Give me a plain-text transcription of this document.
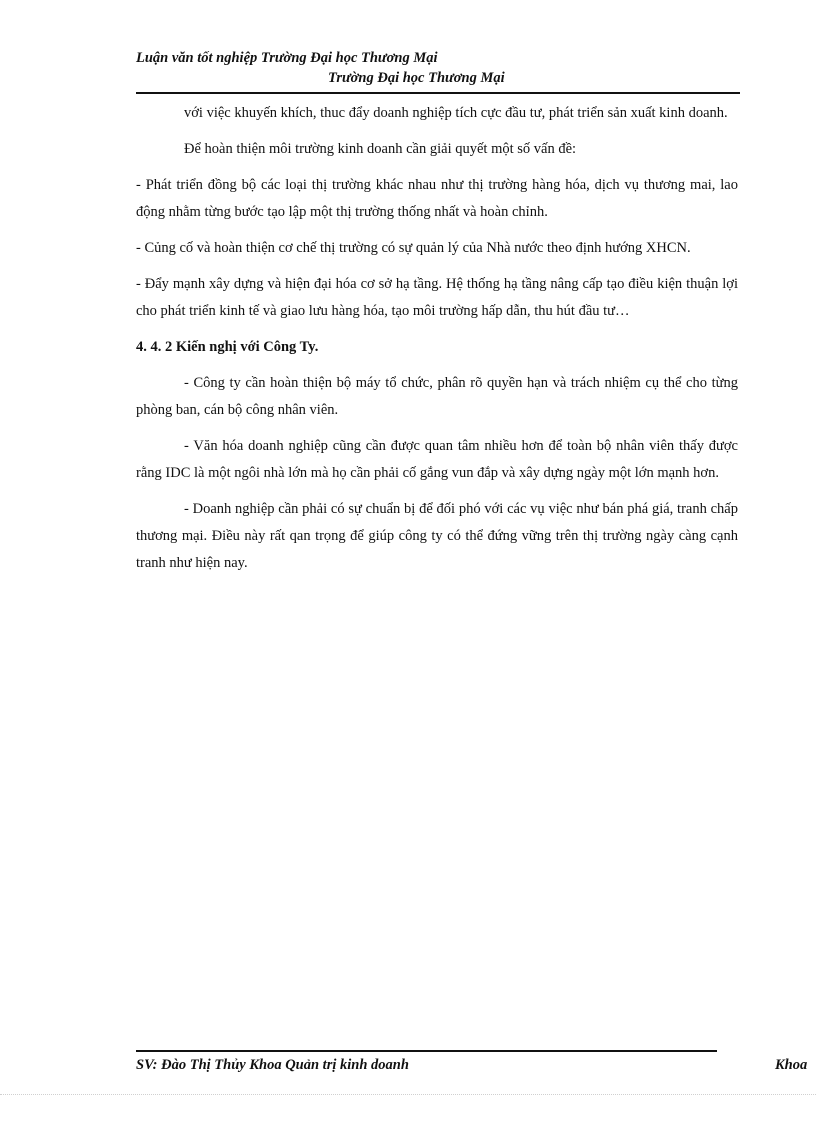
Luận văn tốt nghiệp Trường Đại học Thương Mại
Trường Đại học Thương Mại

với việc khuyến khích, thuc đẩy doanh nghiệp tích cực đầu tư, phát triển sản xuất kinh doanh.

Để hoàn thiện môi trường kinh doanh cần giải quyết một số vấn đề:

- Phát triển đồng bộ các loại thị trường khác nhau như thị trường hàng hóa, dịch vụ thương mai, lao động nhằm từng bước tạo lập một thị trường thống nhất và hoàn chỉnh.

- Củng cố và hoàn thiện cơ chế thị trường có sự quản lý của Nhà nước theo định hướng XHCN.

- Đẩy mạnh xây dựng và hiện đại hóa cơ sở hạ tầng. Hệ thống hạ tầng nâng cấp tạo điều kiện thuận lợi cho phát triển kinh tế và giao lưu hàng hóa, tạo môi trường hấp dẫn, thu hút đầu tư…

4. 4. 2 Kiến nghị với Công Ty.

- Công ty cần hoàn thiện bộ máy tổ chức, phân rõ quyền hạn và trách nhiệm cụ thể cho từng phòng ban, cán bộ công nhân viên.

- Văn hóa doanh nghiệp cũng cần được quan tâm nhiều hơn để toàn bộ nhân viên thấy được rằng IDC là một ngôi nhà lớn mà họ cần phải cố gắng vun đắp và xây dựng ngày một lớn mạnh hơn.

- Doanh nghiệp cần phải có sự chuẩn bị để đối phó với các vụ việc như bán phá giá, tranh chấp thương mại. Điều này rất qan trọng để giúp công ty có thể đứng vững trên thị trường ngày càng cạnh tranh như hiện nay.

SV: Đào Thị Thủy Khoa Quản trị kinh doanh	Khoa
